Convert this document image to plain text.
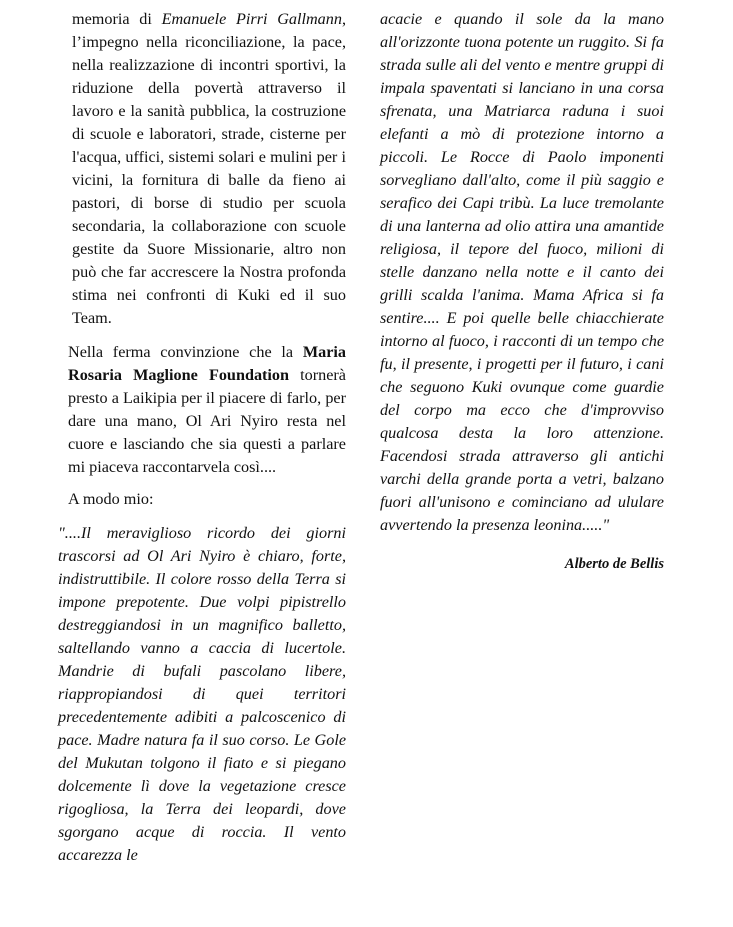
memoria di Emanuele Pirri Gallmann, l’impegno nella riconciliazione, la pace, nella realizzazione di incontri sportivi, la riduzione della povertà attraverso il lavoro e la sanità pubblica, la costruzione di scuole e laboratori, strade, cisterne per l'acqua, uffici, sistemi solari e mulini per i vicini, la fornitura di balle da fieno ai pastori, di borse di studio per scuola secondaria, la collaborazione con scuole gestite da Suore Missionarie, altro non può che far accrescere la Nostra profonda stima nei confronti di Kuki ed il suo Team.

Nella ferma convinzione che la Maria Rosaria Maglione Foundation tornerà presto a Laikipia per il piacere di farlo, per dare una mano, Ol Ari Nyiro resta nel cuore e lasciando che sia questi a parlare mi piaceva raccontarvela così....

A modo mio:

"....Il meraviglioso ricordo dei giorni trascorsi ad Ol Ari Nyiro è chiaro, forte, indistruttibile. Il colore rosso della Terra si impone prepotente. Due volpi pipistrello destreggiandosi in un magnifico balletto, saltellando vanno a caccia di lucertole. Mandrie di bufali pascolano libere, riappropiandosi di quei territori precedentemente adibiti a palcoscenico di pace. Madre natura fa il suo corso. Le Gole del Mukutan tolgono il fiato e si piegano dolcemente lì dove la vegetazione cresce rigogliosa, la Terra dei leopardi, dove sgorgano acque di roccia. Il vento accarezza le

acacie e quando il sole da la mano all'orizzonte tuona potente un ruggito. Si fa strada sulle ali del vento e mentre gruppi di impala spaventati si lanciano in una corsa sfrenata, una Matriarca raduna i suoi elefanti a mò di protezione intorno a piccoli. Le Rocce di Paolo imponenti sorvegliano dall'alto, come il più saggio e serafico dei Capi tribù. La luce tremolante di una lanterna ad olio attira una amantide religiosa, il tepore del fuoco, milioni di stelle danzano nella notte e il canto dei grilli scalda l'anima. Mama Africa si fa sentire.... E poi quelle belle chiacchierate intorno al fuoco, i racconti di un tempo che fu, il presente, i progetti per il futuro, i cani che seguono Kuki ovunque come guardie del corpo ma ecco che d'improvviso qualcosa desta la loro attenzione. Facendosi strada attraverso gli antichi varchi della grande porta a vetri, balzano fuori all'unisono e cominciano ad ululare avvertendo la presenza leonina....."

Alberto de Bellis
